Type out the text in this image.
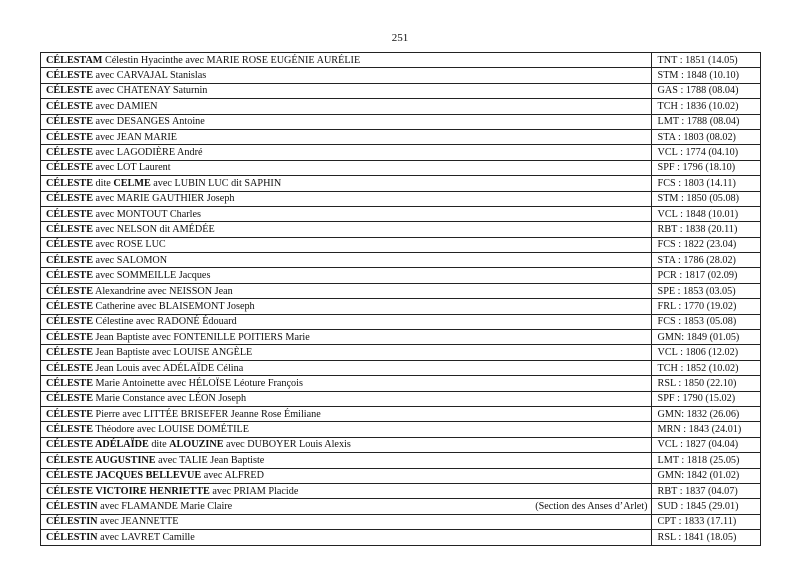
251
CÉLESTAM Célestin Hyacinthe avec MARIE ROSE EUGÉNIE AURÉLIE	TNT : 1851 (14.05)

CÉLESTE avec CARVAJAL Stanislas	STM : 1848 (10.10)

CÉLESTE avec CHATENAY Saturnin	GAS : 1788 (08.04)

CÉLESTE avec DAMIEN	TCH : 1836 (10.02)

CÉLESTE avec DESANGES Antoine	LMT : 1788 (08.04)

CÉLESTE avec JEAN MARIE	STA : 1803 (08.02)

CÉLESTE avec LAGODIÈRE André	VCL : 1774 (04.10)

CÉLESTE avec LOT Laurent	SPF : 1796 (18.10)

CÉLESTE dite CELME avec LUBIN LUC dit SAPHIN	FCS : 1803 (14.11)

CÉLESTE avec MARIE GAUTHIER Joseph	STM : 1850 (05.08)

CÉLESTE avec MONTOUT Charles	VCL : 1848 (10.01)

CÉLESTE avec NELSON dit AMÉDÉE	RBT : 1838 (20.11)

CÉLESTE avec ROSE LUC	FCS : 1822 (23.04)

CÉLESTE avec SALOMON	STA : 1786 (28.02)

CÉLESTE avec SOMMEILLE Jacques	PCR : 1817 (02.09)

CÉLESTE Alexandrine avec NEISSON Jean	SPE : 1853 (03.05)

CÉLESTE Catherine avec BLAISEMONT Joseph	FRL : 1770 (19.02)

CÉLESTE Célestine avec RADONÉ Édouard	FCS : 1853 (05.08)

CÉLESTE Jean Baptiste avec FONTENILLE POITIERS Marie	GMN: 1849 (01.05)

CÉLESTE Jean Baptiste avec LOUISE ANGÈLE	VCL : 1806 (12.02)

CÉLESTE Jean Louis avec ADÉLAÏDE Célina	TCH : 1852 (10.02)

CÉLESTE Marie Antoinette avec HÉLOÏSE Léoture François	RSL : 1850 (22.10)

CÉLESTE Marie Constance avec LÉON Joseph	SPF : 1790 (15.02)

CÉLESTE Pierre avec LITTÉE BRISEFER Jeanne Rose Émiliane	GMN: 1832 (26.06)

CÉLESTE Théodore avec LOUISE DOMÉTILE	MRN : 1843 (24.01)

CÉLESTE ADÉLAÏDE dite ALOUZINE avec DUBOYER Louis Alexis	VCL : 1827 (04.04)

CÉLESTE AUGUSTINE avec TALIE Jean Baptiste	LMT : 1818 (25.05)

CÉLESTE JACQUES BELLEVUE avec ALFRED	GMN: 1842 (01.02)

CÉLESTE VICTOIRE HENRIETTE avec PRIAM Placide	RBT : 1837 (04.07)

CÉLESTIN avec FLAMANDE Marie Claire (Section des Anses d’Arlet)	SUD : 1845 (29.01)

CÉLESTIN avec JEANNETTE	CPT : 1833 (17.11)

CÉLESTIN avec LAVRET Camille	RSL : 1841 (18.05)
